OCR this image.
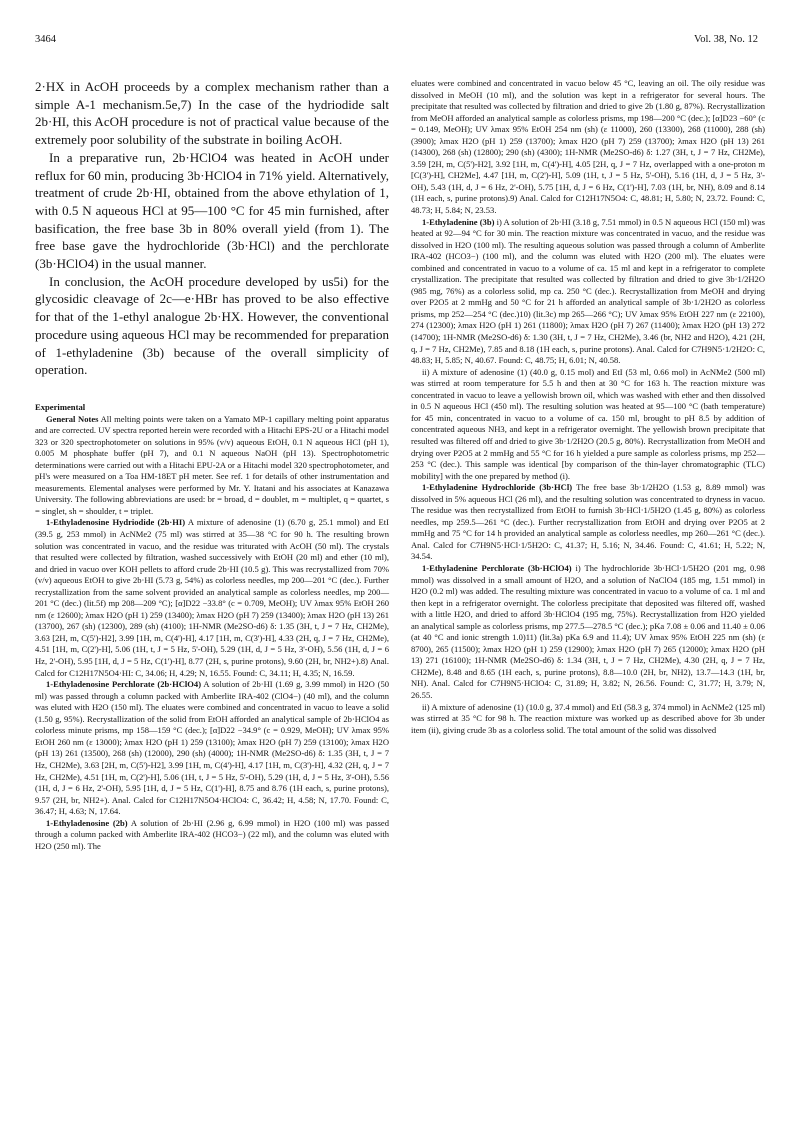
3464	Vol. 38, No. 12

2·HX in AcOH proceeds by a complex mechanism rather than a simple A-1 mechanism.5e,7) In the case of the hydriodide salt 2b·HI, this AcOH procedure is not of practical value because of the extremely poor solubility of the substrate in boiling AcOH.

In a preparative run, 2b·HClO4 was heated in AcOH under reflux for 60 min, producing 3b·HClO4 in 71% yield. Alternatively, treatment of crude 2b·HI, obtained from the above ethylation of 1, with 0.5 N aqueous HCl at 95—100 °C for 45 min furnished, after basification, the free base 3b in 80% overall yield (from 1). The free base gave the hydrochloride (3b·HCl) and the perchlorate (3b·HClO4) in the usual manner.

In conclusion, the AcOH procedure developed by us5i) for the glycosidic cleavage of 2c—e·HBr has proved to be also effective for that of the 1-ethyl analogue 2b·HX. However, the conventional procedure using aqueous HCl may be recommended for preparation of 1-ethyladenine (3b) because of the overall simplicity of operation.

Experimental

General Notes All melting points were taken on a Yamato MP-1 capillary melting point apparatus and are corrected. UV spectra reported herein were recorded with a Hitachi EPS-2U or a Hitachi model 323 or 320 spectrophotometer on solutions in 95% (v/v) aqueous EtOH, 0.1 N aqueous HCl (pH 1), 0.005 M phosphate buffer (pH 7), and 0.1 N aqueous NaOH (pH 13). Spectrophotometric determinations were carried out with a Hitachi EPU-2A or a Hitachi model 320 spectrophotometer, and pH's were measured on a Toa HM-18ET pH meter. See ref. 1 for details of other instrumentation and measurements. Elemental analyses were performed by Mr. Y. Itatani and his associates at Kanazawa University. The following abbreviations are used: br = broad, d = doublet, m = multiplet, q = quartet, s = singlet, sh = shoulder, t = triplet.

1-Ethyladenosine Hydriodide (2b·HI) A mixture of adenosine (1) (6.70 g, 25.1 mmol) and EtI (39.5 g, 253 mmol) in AcNMe2 (75 ml) was stirred at 35—38 °C for 90 h. The resulting brown solution was concentrated in vacuo, and the residue was triturated with AcOH (50 ml). The crystals that resulted were collected by filtration, washed successively with EtOH (20 ml) and ether (10 ml), and dried in vacuo over KOH pellets to afford crude 2b·HI (10.5 g). This was recrystallized from 70% (v/v) aqueous EtOH to give 2b·HI (5.73 g, 54%) as colorless needles, mp 200—201 °C (dec.). Further recrystallization from the same solvent provided an analytical sample as colorless needles, mp 200—201 °C (dec.) (lit.5f) mp 208—209 °C); [α]D22 −33.8° (c = 0.709, MeOH); UV λmax 95% EtOH 260 nm (ε 12600); λmax H2O (pH 1) 259 (13400); λmax H2O (pH 7) 259 (13400); λmax H2O (pH 13) 261 (13700), 267 (sh) (12300), 289 (sh) (4100); 1H-NMR (Me2SO-d6) δ: 1.35 (3H, t, J = 7 Hz, CH2Me), 3.63 [2H, m, C(5')-H2], 3.99 [1H, m, C(4')-H], 4.17 [1H, m, C(3')-H], 4.33 (2H, q, J = 7 Hz, CH2Me), 4.51 [1H, m, C(2')-H], 5.06 (1H, t, J = 5 Hz, 5'-OH), 5.29 (1H, d, J = 5 Hz, 3'-OH), 5.56 (1H, d, J = 6 Hz, 2'-OH), 5.95 [1H, d, J = 5 Hz, C(1')-H], 8.77 (2H, s, purine protons), 9.60 (2H, br, NH2+).8) Anal. Calcd for C12H17N5O4·HI: C, 34.06; H, 4.29; N, 16.55. Found: C, 34.11; H, 4.35; N, 16.59.

1-Ethyladenosine Perchlorate (2b·HClO4) A solution of 2b·HI (1.69 g, 3.99 mmol) in H2O (50 ml) was passed through a column packed with Amberlite IRA-402 (ClO4−) (40 ml), and the column was eluted with H2O (150 ml). The eluates were combined and concentrated in vacuo to leave a solid (1.50 g, 95%). Recrystallization of the solid from EtOH afforded an analytical sample of 2b·HClO4 as colorless minute prisms, mp 158—159 °C (dec.); [α]D22 −34.9° (c = 0.929, MeOH); UV λmax 95% EtOH 260 nm (ε 13000); λmax H2O (pH 1) 259 (13100); λmax H2O (pH 7) 259 (13100); λmax H2O (pH 13) 261 (13500), 268 (sh) (12000), 290 (sh) (4000); 1H-NMR (Me2SO-d6) δ: 1.35 (3H, t, J = 7 Hz, CH2Me), 3.63 [2H, m, C(5')-H2], 3.99 [1H, m, C(4')-H], 4.17 [1H, m, C(3')-H], 4.32 (2H, q, J = 7 Hz, CH2Me), 4.51 [1H, m, C(2')-H], 5.06 (1H, t, J = 5 Hz, 5'-OH), 5.29 (1H, d, J = 5 Hz, 3'-OH), 5.56 (1H, d, J = 6 Hz, 2'-OH), 5.95 [1H, d, J = 5 Hz, C(1')-H], 8.75 and 8.76 (1H each, s, purine protons), 9.57 (2H, br, NH2+). Anal. Calcd for C12H17N5O4·HClO4: C, 36.42; H, 4.58; N, 17.70. Found: C, 36.47; H, 4.63; N, 17.64.

1-Ethyladenosine (2b) A solution of 2b·HI (2.96 g, 6.99 mmol) in H2O (100 ml) was passed through a column packed with Amberlite IRA-402 (HCO3−) (22 ml), and the column was eluted with H2O (250 ml). The

eluates were combined and concentrated in vacuo below 45 °C, leaving an oil. The oily residue was dissolved in MeOH (10 ml), and the solution was kept in a refrigerator for several hours. The precipitate that resulted was collected by filtration and dried to give 2b (1.80 g, 87%). Recrystallization from MeOH afforded an analytical sample as colorless prisms, mp 198—200 °C (dec.); [α]D23 −60° (c = 0.149, MeOH); UV λmax 95% EtOH 254 nm (sh) (ε 11000), 260 (13300), 268 (11000), 288 (sh) (3900); λmax H2O (pH 1) 259 (13700); λmax H2O (pH 7) 259 (13700); λmax H2O (pH 13) 261 (14300), 268 (sh) (12800); 290 (sh) (4300); 1H-NMR (Me2SO-d6) δ: 1.27 (3H, t, J = 7 Hz, CH2Me), 3.59 [2H, m, C(5')-H2], 3.92 [1H, m, C(4')-H], 4.05 [2H, q, J = 7 Hz, overlapped with a one-proton m [C(3')-H], CH2Me], 4.47 [1H, m, C(2')-H], 5.09 (1H, t, J = 5 Hz, 5'-OH), 5.16 (1H, d, J = 5 Hz, 3'-OH), 5.43 (1H, d, J = 6 Hz, 2'-OH), 5.75 [1H, d, J = 6 Hz, C(1')-H], 7.03 (1H, br, NH), 8.09 and 8.14 (1H each, s, purine protons).9) Anal. Calcd for C12H17N5O4: C, 48.81; H, 5.80; N, 23.72. Found: C, 48.73; H, 5.84; N, 23.53.

1-Ethyladenine (3b) i) A solution of 2b·HI (3.18 g, 7.51 mmol) in 0.5 N aqueous HCl (150 ml) was heated at 92—94 °C for 30 min. The reaction mixture was concentrated in vacuo, and the residue was dissolved in H2O (100 ml). The resulting aqueous solution was passed through a column of Amberlite IRA-402 (HCO3−) (100 ml), and the column was eluted with H2O (200 ml). The eluates were combined and concentrated in vacuo to a volume of ca. 15 ml and kept in a refrigerator to complete crystallization. The precipitate that resulted was collected by filtration and dried to give 3b·1/2H2O (985 mg, 76%) as a colorless solid, mp ca. 250 °C (dec.). Recrystallization from MeOH and drying over P2O5 at 2 mmHg and 50 °C for 21 h afforded an analytical sample of 3b·1/2H2O as colorless prisms, mp 252—254 °C (dec.)10) (lit.3c) mp 265—266 °C); UV λmax 95% EtOH 227 nm (ε 22100), 274 (12300); λmax H2O (pH 1) 261 (11800); λmax H2O (pH 7) 267 (11400); λmax H2O (pH 13) 272 (14700); 1H-NMR (Me2SO-d6) δ: 1.30 (3H, t, J = 7 Hz, CH2Me), 3.46 (br, NH2 and H2O), 4.21 (2H, q, J = 7 Hz, CH2Me), 7.85 and 8.18 (1H each, s, purine protons). Anal. Calcd for C7H9N5·1/2H2O: C, 48.83; H, 5.85; N, 40.67. Found: C, 48.75; H, 6.01; N, 40.58.

ii) A mixture of adenosine (1) (40.0 g, 0.15 mol) and EtI (53 ml, 0.66 mol) in AcNMe2 (500 ml) was stirred at room temperature for 5.5 h and then at 30 °C for 163 h. The reaction mixture was concentrated in vacuo to leave a yellowish brown oil, which was washed with ether and then dissolved in 0.5 N aqueous HCl (450 ml). The resulting solution was heated at 95—100 °C (bath temperature) for 45 min, concentrated in vacuo to a volume of ca. 150 ml, brought to pH 8.5 by addition of concentrated aqueous NH3, and kept in a refrigerator overnight. The yellowish brown precipitate that resulted was filtered off and dried to give 3b·1/2H2O (20.5 g, 80%). Recrystallization from MeOH and drying over P2O5 at 2 mmHg and 55 °C for 16 h yielded a pure sample as colorless prisms, mp 252—253 °C (dec.). This sample was identical [by comparison of the thin-layer chromatographic (TLC) mobility] with the one prepared by method (i).

1-Ethyladenine Hydrochloride (3b·HCl) The free base 3b·1/2H2O (1.53 g, 8.89 mmol) was dissolved in 5% aqueous HCl (26 ml), and the resulting solution was concentrated to dryness in vacuo. The residue was then recrystallized from EtOH to furnish 3b·HCl·1/5H2O (1.45 g, 80%) as colorless needles, mp 259.5—261 °C (dec.). Further recrystallization from EtOH and drying over P2O5 at 2 mmHg and 75 °C for 14 h provided an analytical sample as colorless needles, mp 260—261 °C (dec.). Anal. Calcd for C7H9N5·HCl·1/5H2O: C, 41.37; H, 5.16; N, 34.46. Found: C, 41.61; H, 5.22; N, 34.54.

1-Ethyladenine Perchlorate (3b·HClO4) i) The hydrochloride 3b·HCl·1/5H2O (201 mg, 0.98 mmol) was dissolved in a small amount of H2O, and a solution of NaClO4 (185 mg, 1.51 mmol) in H2O (0.2 ml) was added. The resulting mixture was concentrated in vacuo to a volume of ca. 1 ml and then kept in a refrigerator overnight. The colorless precipitate that deposited was filtered off, washed with a little H2O, and dried to afford 3b·HClO4 (195 mg, 75%). Recrystallization from H2O yielded an analytical sample as colorless prisms, mp 277.5—278.5 °C (dec.); pKa 7.08 ± 0.06 and 11.40 ± 0.06 (at 40 °C and ionic strength 1.0)11) (lit.3a) pKa 6.9 and 11.4); UV λmax 95% EtOH 225 nm (sh) (ε 8700), 265 (11500); λmax H2O (pH 1) 259 (12900); λmax H2O (pH 7) 265 (12000); λmax H2O (pH 13) 271 (16100); 1H-NMR (Me2SO-d6) δ: 1.34 (3H, t, J = 7 Hz, CH2Me), 4.30 (2H, q, J = 7 Hz, CH2Me), 8.48 and 8.65 (1H each, s, purine protons), 8.8—10.0 (2H, br, NH2), 13.7—14.3 (1H, br, NH). Anal. Calcd for C7H9N5·HClO4: C, 31.89; H, 3.82; N, 26.56. Found: C, 31.77; H, 3.79; N, 26.55.

ii) A mixture of adenosine (1) (10.0 g, 37.4 mmol) and EtI (58.3 g, 374 mmol) in AcNMe2 (125 ml) was stirred at 35 °C for 98 h. The reaction mixture was worked up as described above for 3b under item (ii), giving crude 3b as a colorless solid. The total amount of the solid was dissolved
